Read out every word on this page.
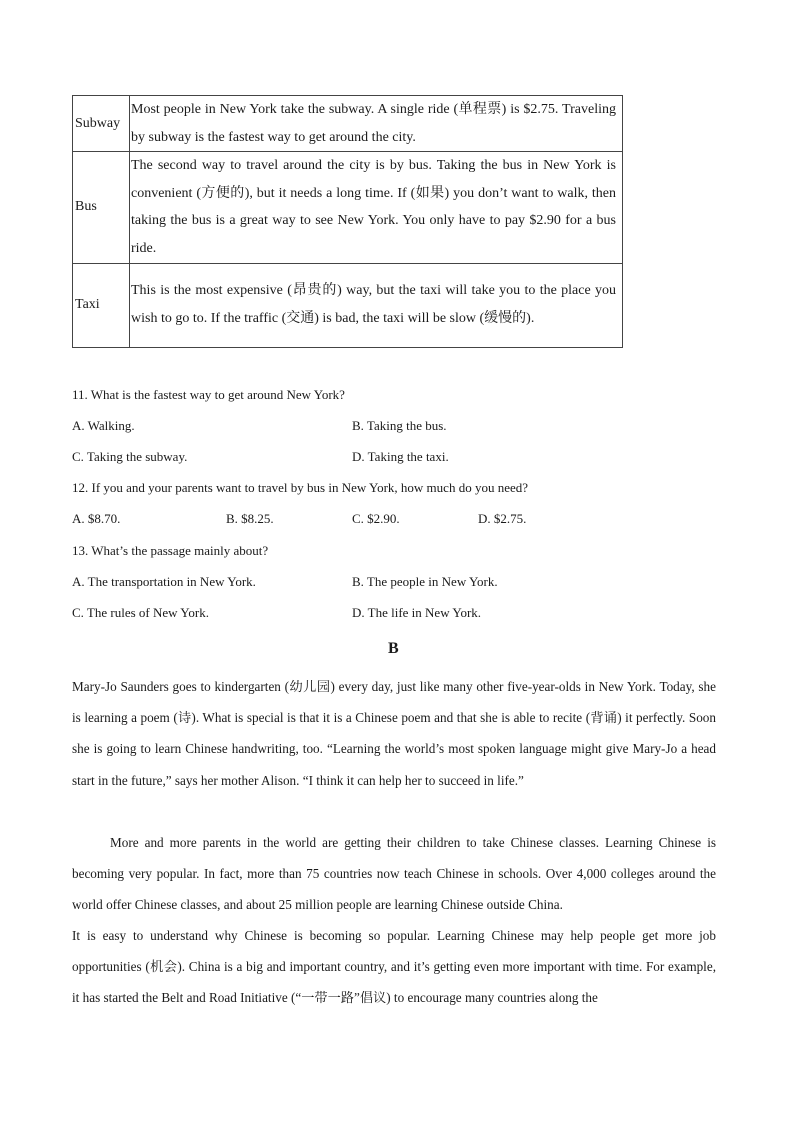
Subway	Most people in New York take the subway. A single ride (单程票) is $2.75. Traveling by subway is the fastest way to get around the city.
Bus	The second way to travel around the city is by bus. Taking the bus in New York is convenient (方便的), but it needs a long time. If (如果) you don’t want to walk, then taking the bus is a great way to see New York. You only have to pay $2.90 for a bus ride.
Taxi	This is the most expensive (昂贵的) way, but the taxi will take you to the place you wish to go to. If the traffic (交通) is bad, the taxi will be slow (缓慢的).
11. What is the fastest way to get around New York?
A. Walking.	B. Taking the bus.
C. Taking the subway.	D. Taking the taxi.
12. If you and your parents want to travel by bus in New York, how much do you need?
A. $8.70.	B. $8.25.	C. $2.90.	D. $2.75.
13. What’s the passage mainly about?
A. The transportation in New York.	B. The people in New York.
C. The rules of New York.	D. The life in New York.
B
Mary-Jo Saunders goes to kindergarten (幼儿园) every day, just like many other five-year-olds in New York. Today, she is learning a poem (诗). What is special is that it is a Chinese poem and that she is able to recite (背诵) it perfectly. Soon she is going to learn Chinese handwriting, too. “Learning the world’s most spoken language might give Mary-Jo a head start in the future,” says her mother Alison. “I think it can help her to succeed in life.”
More and more parents in the world are getting their children to take Chinese classes. Learning Chinese is becoming very popular. In fact, more than 75 countries now teach Chinese in schools. Over 4,000 colleges around the world offer Chinese classes, and about 25 million people are learning Chinese outside China.
It is easy to understand why Chinese is becoming so popular. Learning Chinese may help people get more job opportunities (机会). China is a big and important country, and it’s getting even more important with time. For example, it has started the Belt and Road Initiative (“一带一路”倡议) to encourage many countries along the
